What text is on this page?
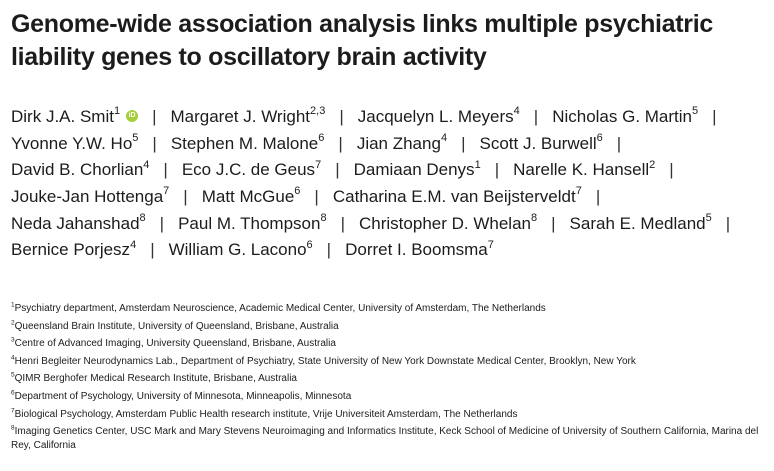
Genome-wide association analysis links multiple psychiatric liability genes to oscillatory brain activity
Dirk J.A. Smit$^1$ iD | Margaret J. Wright$^{2,3}$ | Jacquelyn L. Meyers$^4$ | Nicholas G. Martin$^5$ |
Yvonne Y.W. Ho$^5$ | Stephen M. Malone$^6$ | Jian Zhang$^4$ | Scott J. Burwell$^6$ |
David B. Chorlian$^4$ | Eco J.C. de Geus$^7$ | Damiaan Denys$^1$ | Narelle K. Hansell$^2$ |
Jouke-Jan Hottenga$^7$ | Matt McGue$^6$ | Catharina E.M. van Beijsterveldt$^7$ |
Neda Jahanshad$^8$ | Paul M. Thompson$^8$ | Christopher D. Whelan$^8$ | Sarah E. Medland$^5$ |
Bernice Porjesz$^4$ | William G. Lacono$^6$ | Dorret I. Boomsma$^7$
$^1$Psychiatry department, Amsterdam Neuroscience, Academic Medical Center, University of Amsterdam, The Netherlands
$^2$Queensland Brain Institute, University of Queensland, Brisbane, Australia
$^3$Centre of Advanced Imaging, University Queensland, Brisbane, Australia
$^4$Henri Begleiter Neurodynamics Lab., Department of Psychiatry, State University of New York Downstate Medical Center, Brooklyn, New York
$^5$QIMR Berghofer Medical Research Institute, Brisbane, Australia
$^6$Department of Psychology, University of Minnesota, Minneapolis, Minnesota
$^7$Biological Psychology, Amsterdam Public Health research institute, Vrije Universiteit Amsterdam, The Netherlands
$^8$Imaging Genetics Center, USC Mark and Mary Stevens Neuroimaging and Informatics Institute, Keck School of Medicine of University of Southern California, Marina del Rey, California
